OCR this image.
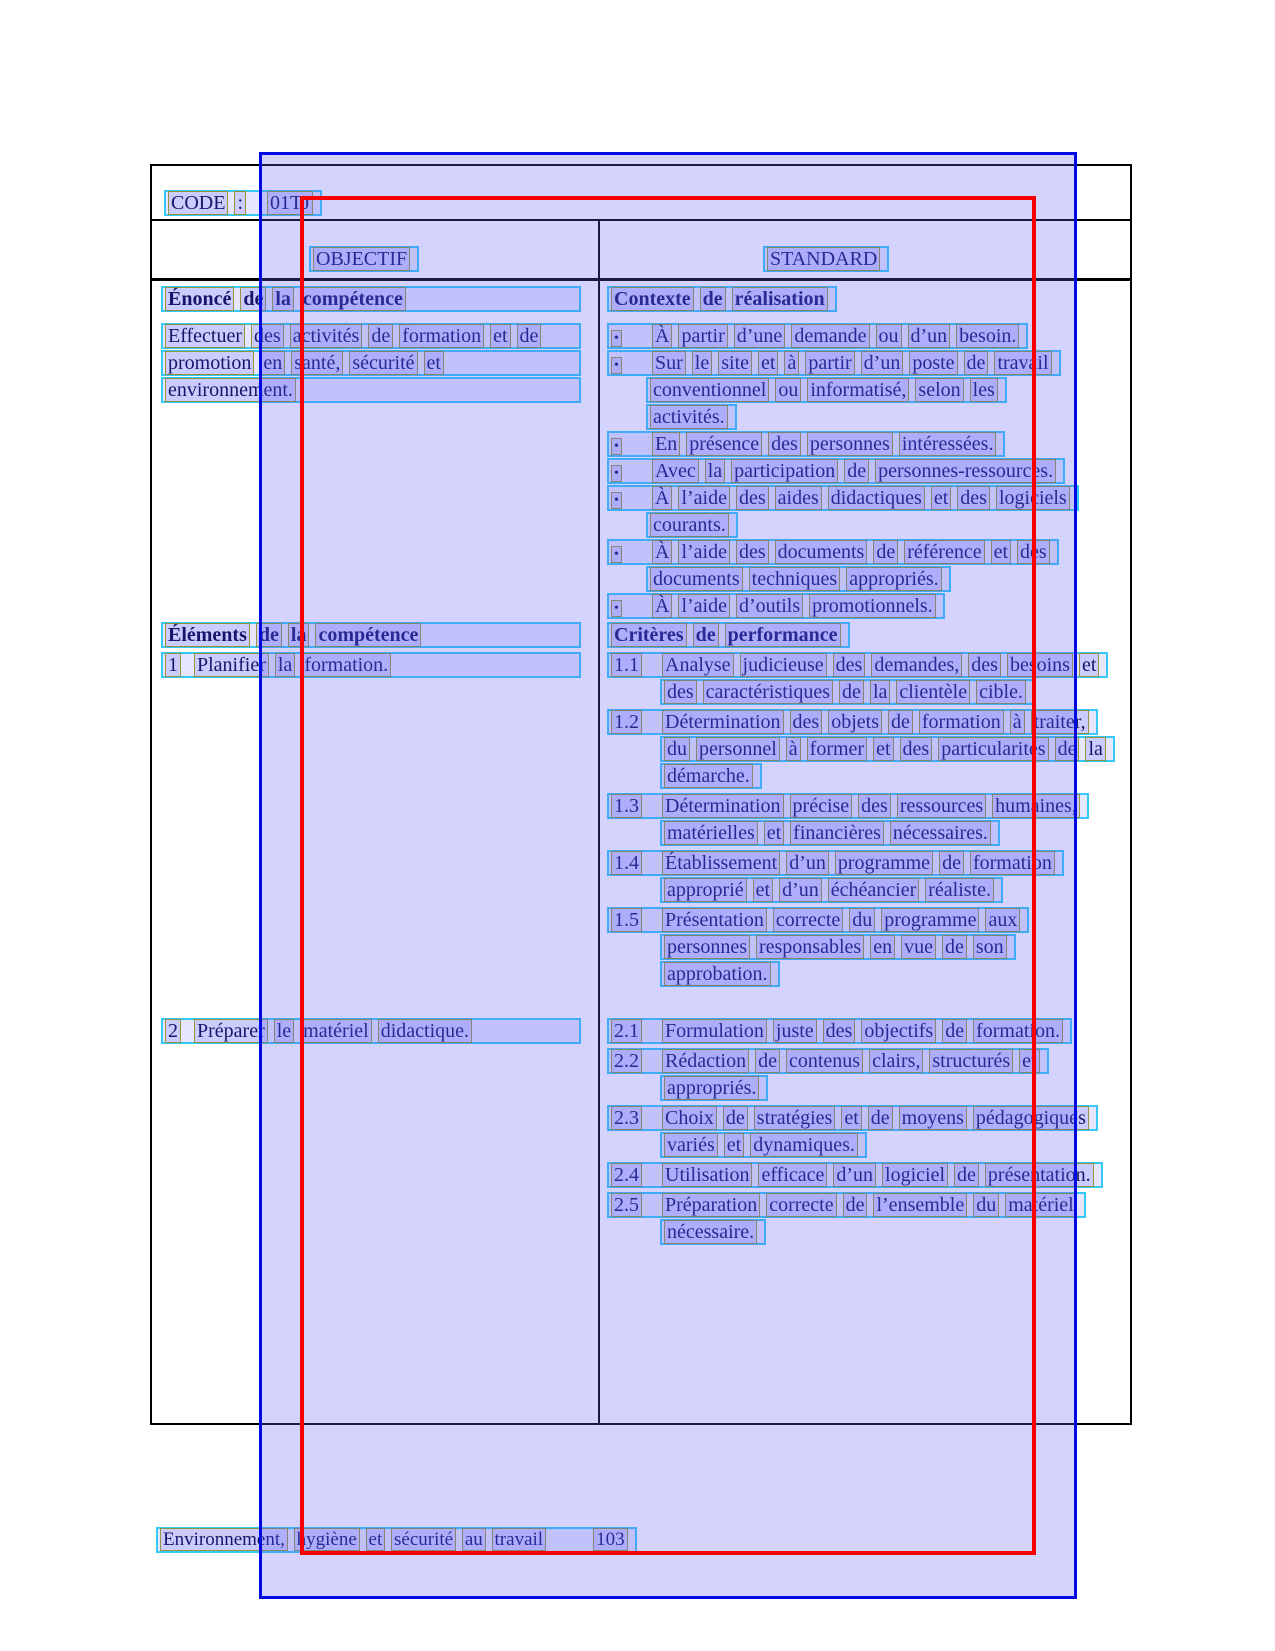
CODE : 01TJ
OBJECTIF	STANDARD
Énoncé de la compétence
Effectuer des activités de formation et de
promotion en santé, sécurité et
environnement.
Éléments de la compétence
1 Planifier la formation.
2 Préparer le matériel didactique.
Contexte de réalisation
• À partir d’une demande ou d’un besoin.
• Sur le site et à partir d’un poste de travail
conventionnel ou informatisé, selon les
activités.
• En présence des personnes intéressées.
• Avec la participation de personnes-ressources.
• À l’aide des aides didactiques et des logiciels
courants.
• À l’aide des documents de référence et des
documents techniques appropriés.
• À l’aide d’outils promotionnels.
Critères de performance
1.1 Analyse judicieuse des demandes, des besoins et
des caractéristiques de la clientèle cible.
1.2 Détermination des objets de formation à traiter,
du personnel à former et des particularités de la
démarche.
1.3 Détermination précise des ressources humaines,
matérielles et financières nécessaires.
1.4 Établissement d’un programme de formation
approprié et d’un échéancier réaliste.
1.5 Présentation correcte du programme aux
personnes responsables en vue de son
approbation.
2.1 Formulation juste des objectifs de formation.
2.2 Rédaction de contenus clairs, structurés et
appropriés.
2.3 Choix de stratégies et de moyens pédagogiques
variés et dynamiques.
2.4 Utilisation efficace d’un logiciel de présentation.
2.5 Préparation correcte de l’ensemble du matériel
nécessaire.
Environnement, hygiène et sécurité au travail	103
